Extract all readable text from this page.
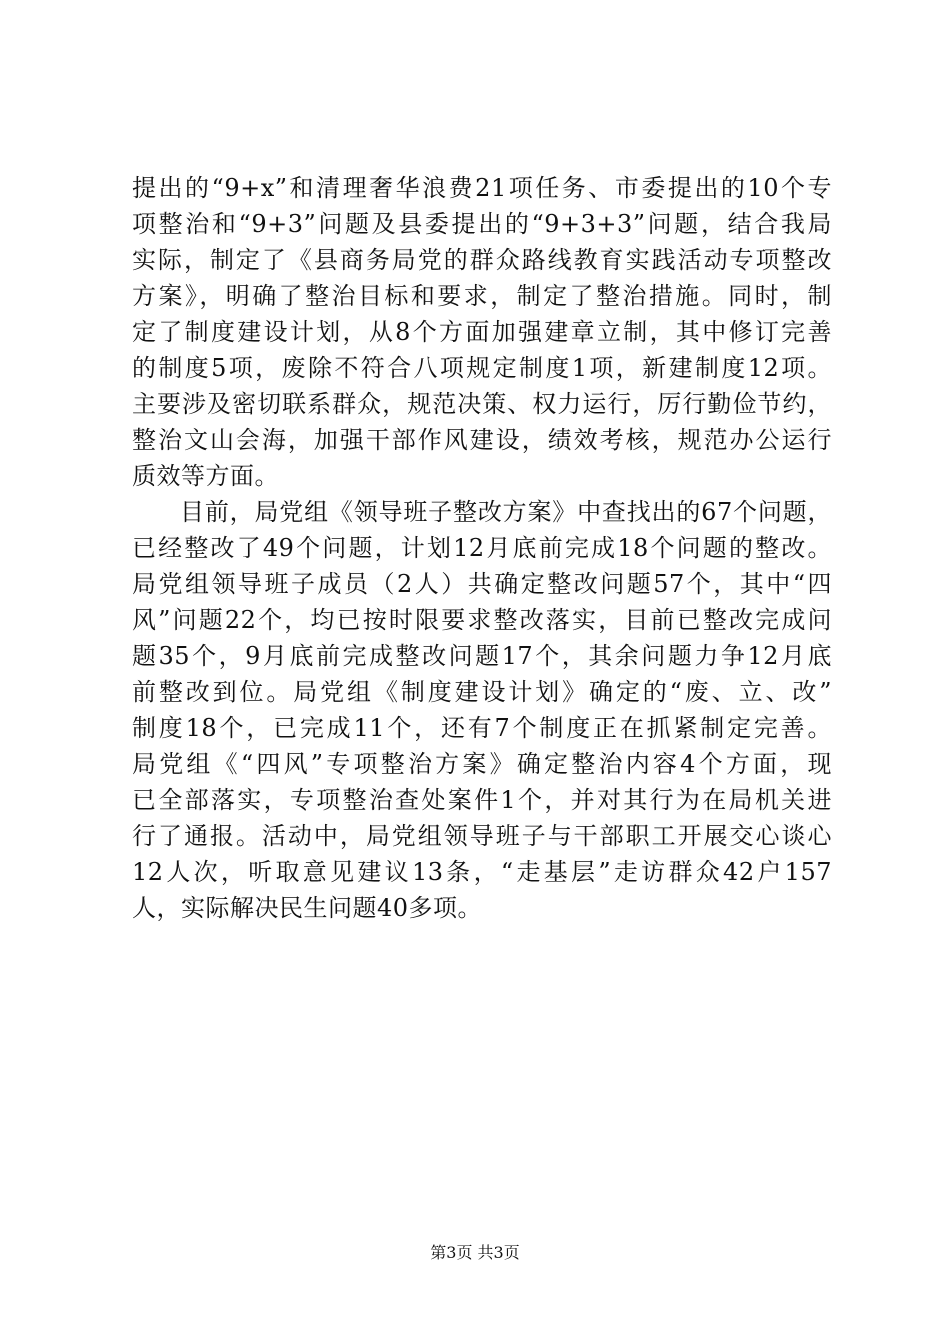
提出的“9+x”和清理奢华浪费21项任务、市委提出的10个专
项整治和“9+3”问题及县委提出的“9+3+3”问题，结合我局
实际，制定了《县商务局党的群众路线教育实践活动专项整改
方案》，明确了整治目标和要求，制定了整治措施。同时，制
定了制度建设计划，从8个方面加强建章立制，其中修订完善
的制度5项，废除不符合八项规定制度1项，新建制度12项。
主要涉及密切联系群众，规范决策、权力运行，厉行勤俭节约，
整治文山会海，加强干部作风建设，绩效考核，规范办公运行
质效等方面。
目前，局党组《领导班子整改方案》中查找出的67个问题，
已经整改了49个问题，计划12月底前完成18个问题的整改。
局党组领导班子成员（2人）共确定整改问题57个，其中“四
风”问题22个，均已按时限要求整改落实，目前已整改完成问
题35个，9月底前完成整改问题17个，其余问题力争12月底
前整改到位。局党组《制度建设计划》确定的“废、立、改”
制度18个，已完成11个，还有7个制度正在抓紧制定完善。
局党组《“四风”专项整治方案》确定整治内容4个方面，现
已全部落实，专项整治查处案件1个，并对其行为在局机关进
行了通报。活动中，局党组领导班子与干部职工开展交心谈心
12人次，听取意见建议13条，“走基层”走访群众42户157
人，实际解决民生问题40多项。
第3页 共3页
